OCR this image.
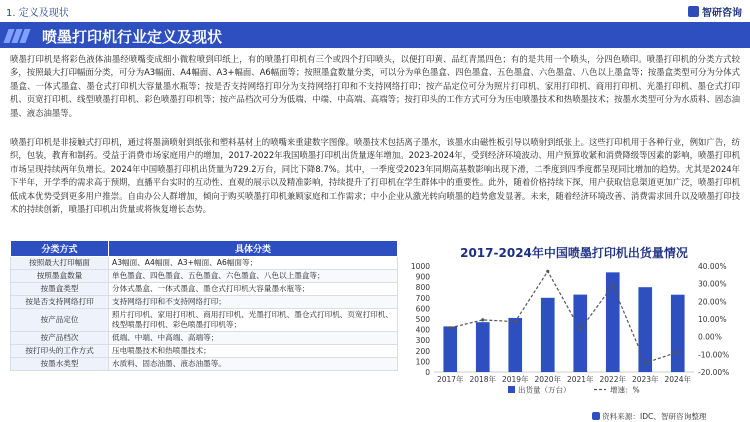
1. 定义及现状	智研咨询
喷墨打印机行业定义及现状
喷墨打印机是将彩色液体油墨经喷嘴变成细小微粒喷到印纸上，有的喷墨打印机有三个或四个打印喷头，以便打印黄、品红青黑四色；有的是共用一个喷头，分四色喷印。喷墨打印机的分类方式较多，按照最大打印幅面分类，可分为A3幅面、A4幅面、A3+幅面、A6幅面等；按照墨盒数量分类，可以分为单色墨盒、四色墨盒、五色墨盒、六色墨盒、八色以上墨盒等；按墨盒类型可分为分体式墨盒、一体式墨盒、墨仓式打印机大容量墨水瓶等；按是否支持网络打印分为支持网络打印和不支持网络打印；按产品定位可分为照片打印机、家用打印机、商用打印机、光墨打印机、墨仓式打印机、页宽打印机、线型喷墨打印机、彩色喷墨打印机等；按产品档次可分为低端、中端、中高端、高端等；按打印头的工作方式可分为压电喷墨技术和热喷墨技术；按墨水类型可分为水质料、固态油墨、液态油墨等。
喷墨打印机是非接触式打印机，通过将墨滴喷射到纸张和塑料基材上的喷嘴来重建数字图像。喷墨技术包括离子墨水，该墨水由磁性板引导以喷射到纸张上。这些打印机用于各种行业，例如广告，纺织，包装，教育和制药。受益于消费市场家庭用户的增加，2017-2022年我国喷墨打印机出货量逐年增加。2023-2024年，受到经济环境波动、用户预算收紧和消费降级等因素的影响，喷墨打印机市场呈现持续两年负增长。2024年中国喷墨打印机出货量为729.2万台，同比下降8.7%。其中，一季度受2023年同期高基数影响出现下滑，二季度到四季度都呈现同比增加的趋势。尤其是2024年下半年，开学季的需求高于预期，直播平台实时的互动性、直观的展示以及精准影响，持续提升了打印机在学生群体中的重要性。此外，随着价格持续下探，用户获取信息渠道更加广泛，喷墨打印机低成本优势受到更多用户推崇。自由办公人群增加，倾向于购买喷墨打印机兼顾家庭和工作需求；中小企业从激光转向喷墨的趋势愈发显著。未来，随着经济环境改善、消费需求回升以及喷墨打印技术的持续创新，喷墨打印机出货量或将恢复增长态势。
分类方式	具体分类
按照最大打印幅面	A3幅面、A4幅面、A3+幅面、A6幅面等；
按照墨盒数量	单色墨盒、四色墨盒、五色墨盒、六色墨盒、八色以上墨盒等；
按墨盒类型	分体式墨盒、一体式墨盒、墨仓式打印机大容量墨水瓶等；
按是否支持网络打印	支持网络打印和不支持网络打印；
按产品定位	照片打印机、家用打印机、商用打印机、光墨打印机、墨仓式打印机、页宽打印机、线型喷墨打印机、彩色喷墨打印机等；
按产品档次	低端、中端、中高端、高端等；
按打印头的工作方式	压电喷墨技术和热喷墨技术；
按墨水类型	水质料、固态油墨、液态油墨等。
2017-2024年中国喷墨打印机出货量情况
0
100
200
300
400
500
600
700
800
900
1000	40.00%
30.00%
20.00%
10.00%
0.00%
-10.00%
-20.00%
2017年 2018年 2019年 2020年 2021年 2022年 2023年 2024年
出货量（万台）	增速：%
资料来源：IDC、智研咨询整理
